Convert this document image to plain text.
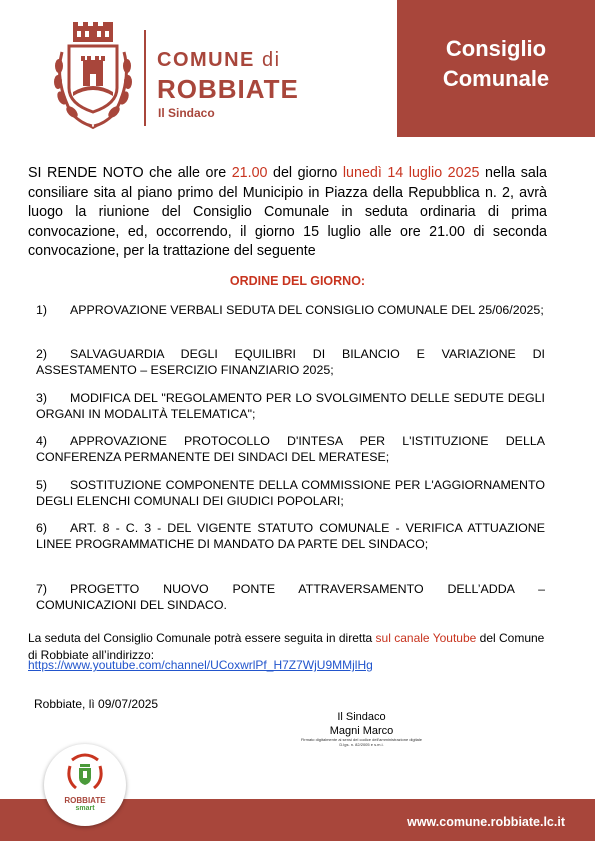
COMUNE di
ROBBIATE
Il Sindaco
Consiglio
Comunale
SI RENDE NOTO che alle ore 21.00 del giorno lunedì 14 luglio 2025 nella sala consiliare sita al piano primo del Municipio in Piazza della Repubblica n. 2, avrà luogo la riunione del Consiglio Comunale in seduta ordinaria di prima convocazione, ed, occorrendo, il giorno 15 luglio alle ore 21.00 di seconda convocazione, per la trattazione del seguente
ORDINE DEL GIORNO:
1) APPROVAZIONE VERBALI SEDUTA DEL CONSIGLIO COMUNALE DEL 25/06/2025;
2) SALVAGUARDIA DEGLI EQUILIBRI DI BILANCIO E VARIAZIONE DI ASSESTAMENTO – ESERCIZIO FINANZIARIO 2025;
3) MODIFICA DEL "REGOLAMENTO PER LO SVOLGIMENTO DELLE SEDUTE DEGLI ORGANI IN MODALITÀ TELEMATICA";
4) APPROVAZIONE PROTOCOLLO D'INTESA PER L'ISTITUZIONE DELLA CONFERENZA PERMANENTE DEI SINDACI DEL MERATESE;
5) SOSTITUZIONE COMPONENTE DELLA COMMISSIONE PER L'AGGIORNAMENTO DEGLI ELENCHI COMUNALI DEI GIUDICI POPOLARI;
6) ART. 8 - C. 3 - DEL VIGENTE STATUTO COMUNALE - VERIFICA ATTUAZIONE LINEE PROGRAMMATICHE DI MANDATO DA PARTE DEL SINDACO;
7) PROGETTO NUOVO PONTE ATTRAVERSAMENTO DELL’ADDA – COMUNICAZIONI DEL SINDACO.
La seduta del Consiglio Comunale potrà essere seguita in diretta sul canale Youtube del Comune di Robbiate all’indirizzo:
https://www.youtube.com/channel/UCoxwrlPf_H7Z7WjU9MMjlHg
Robbiate, lì 09/07/2025
Il Sindaco
Magni Marco
Firmato digitalmente ai sensi del codice dell'amministrazione digitale D.lgs. n. 82/2005 e s.m.i.
www.comune.robbiate.lc.it
ROBBIATE
smart
